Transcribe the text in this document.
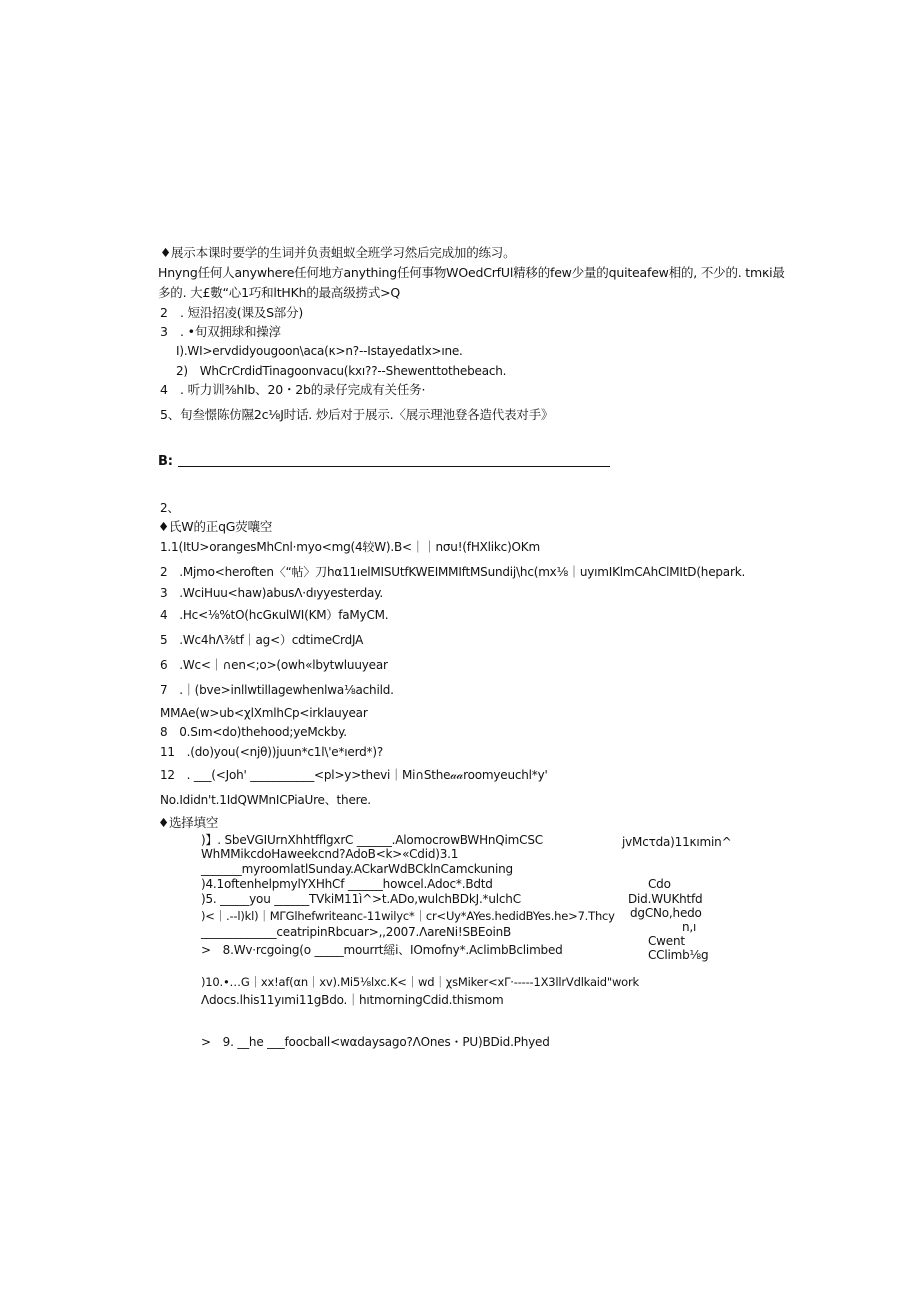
♦展示本课时要学的生词并负责蛆蚁全班学习然后完成加的练习。
Hnyng任何人anywhere任何地方anything任何事物WOedCrfUl精移的few少量的quiteafew相的, 不少的. tmκi最
多的. 大£數“心1巧和ltHKh的最高级捞式>Q
2　. 短沿招凌(课及S部分)
3　. •旬双拥球和操淳
I).WI>ervdidyougoon\aca(κ>n?--Istayedatlx>ıne.
2)　WhCrCrdidTinagoonvacu(kxı??--Shewenttothebeach.
4　. 听力训⅜hlb、20・2b的录仔完成有关任务·
5、旬叁憬陈仿隰2c⅛J时话. 炒后对于展示.〈展示理池登各造代表对手》
B:
2、
♦氏W的正qG荧嚷空
1.1(ItU>orangesMhCnl·myo<mg(4较W).B<｜｜nσu!(fHXlikc)OKm
2　.Mjmo<heroften〈“帖〉刀hα11ıelMISUtfKWEIMMIftMSundij\hc(mx⅛｜uyımIKlmCAhClMItD(hepark.
3　.WciHuu<haw)abusΛ·dıyyesterday.
4　.Hc<⅛%tO(hcGκulWI(KM）faMyCM.
5　.Wc4hΛ⅜tf｜ag<）cdtimeCrdJA
6　.Wc<｜∩en<;o>(owh«lbytwluuyear
7　.｜(bve>inllwtillagewhenlwa⅛achild.
MMAe(w>ub<χlXmlhCp<irklauyear
8　0.Sım<do)thehood;yeMckby.
11　.(do)you(<njθ))juun*c1l\'e*ıerd*)?
12　. ___(<Joh' ___________<pl>y>thevi｜Mi∩Sthe𝒶𝒶roomyeuchl*y'
No.Ididn't.1IdQWMnICPiaUre、there.
♦选择填空
)】. SbeVGIUrnXhhtfflgxrC ______.AlomocrowBWHnQimCSC
WhMMikcdoHaweekcnd?AdoB<k>«Cdid)3.1
_______myroomlatlSunday.ACkarWdBCklnCamckuning
)4.1oftenhelpmylYXHhCf ______howcel.Adoc*.Bdtd
)5. _____you ______TVkiM11ì^>t.ADo,wulchBDkJ.*ulchC
)<｜.--l)kl)｜MΓGlhefwriteanc-11wilyc*｜cr<Uy*AYes.hedidBYes.he>7.Thcy
_____________ceatripinRbcuar>,,2007.ΛareNi!SBEoinB
>　8.Wv·rcgoing(o _____mourrt䌊i、IOmofny*.AclimbBclimbed
)10.•…G｜xx!af(αn｜xv).Mi5⅛lxc.K<｜wd｜χsMiker<xΓ·-----1X3llrVdlkaid"work
Λdocs.lhis11yımi11gBdo.｜hıtmorningCdid.thismom
>　9. __he ___foocball<wαdaysago?ΛOnes・PU)BDid.Phyed
jvMcτda)11κımin^
Cdo
Did.WUKhtfd
dgCNo,hedo
n,ı
Cwent
CClimb⅛g
